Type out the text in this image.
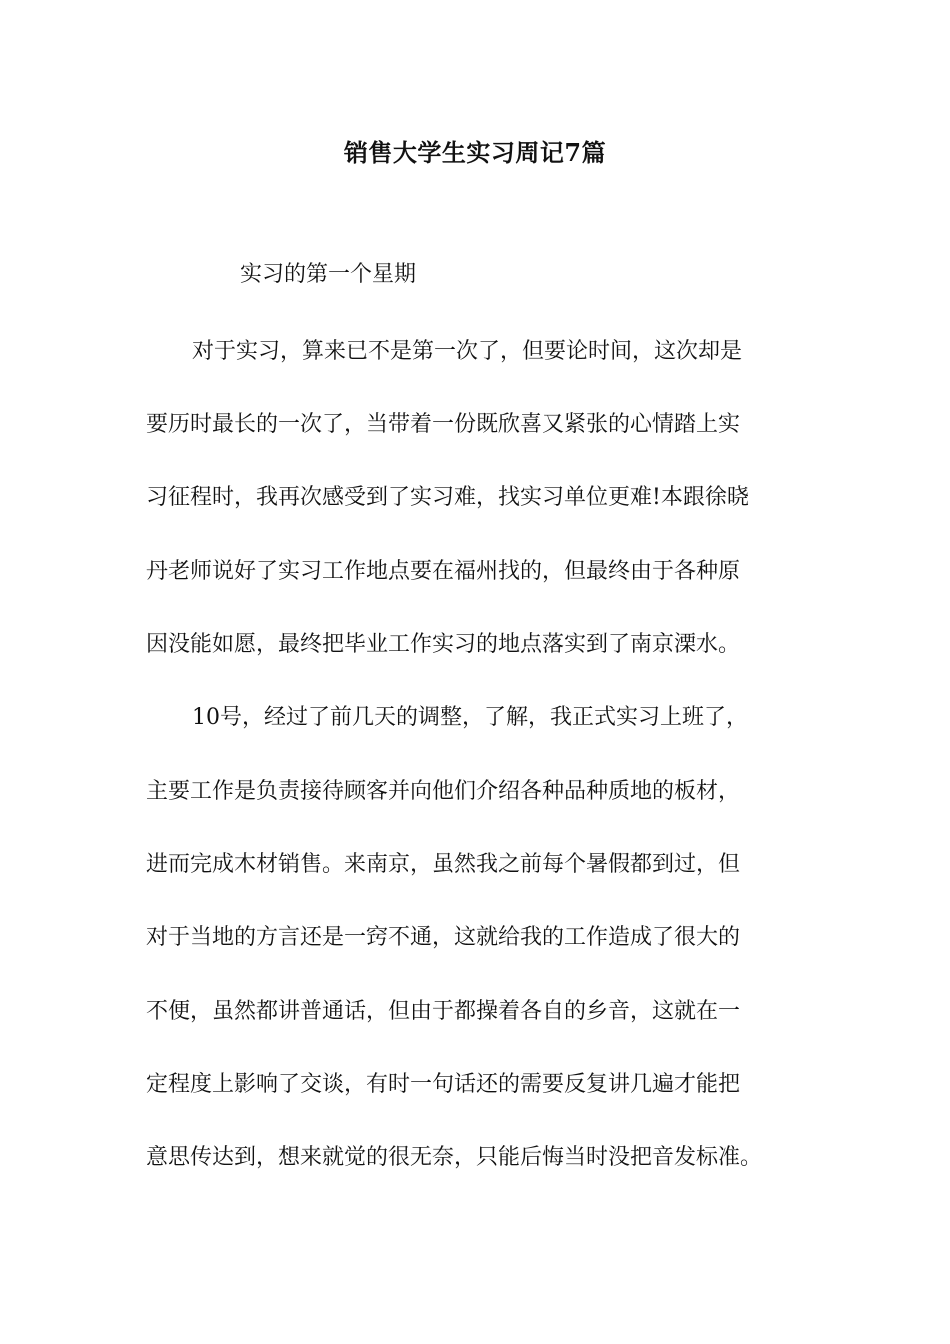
销售大学生实习周记7篇
实习的第一个星期
对于实习，算来已不是第一次了，但要论时间，这次却是
要历时最长的一次了，当带着一份既欣喜又紧张的心情踏上实
习征程时，我再次感受到了实习难，找实习单位更难!本跟徐晓
丹老师说好了实习工作地点要在福州找的，但最终由于各种原
因没能如愿，最终把毕业工作实习的地点落实到了南京溧水。
10号，经过了前几天的调整，了解，我正式实习上班了，
主要工作是负责接待顾客并向他们介绍各种品种质地的板材，
进而完成木材销售。来南京，虽然我之前每个暑假都到过，但
对于当地的方言还是一窍不通，这就给我的工作造成了很大的
不便，虽然都讲普通话，但由于都操着各自的乡音，这就在一
定程度上影响了交谈，有时一句话还的需要反复讲几遍才能把
意思传达到，想来就觉的很无奈，只能后悔当时没把音发标准。
